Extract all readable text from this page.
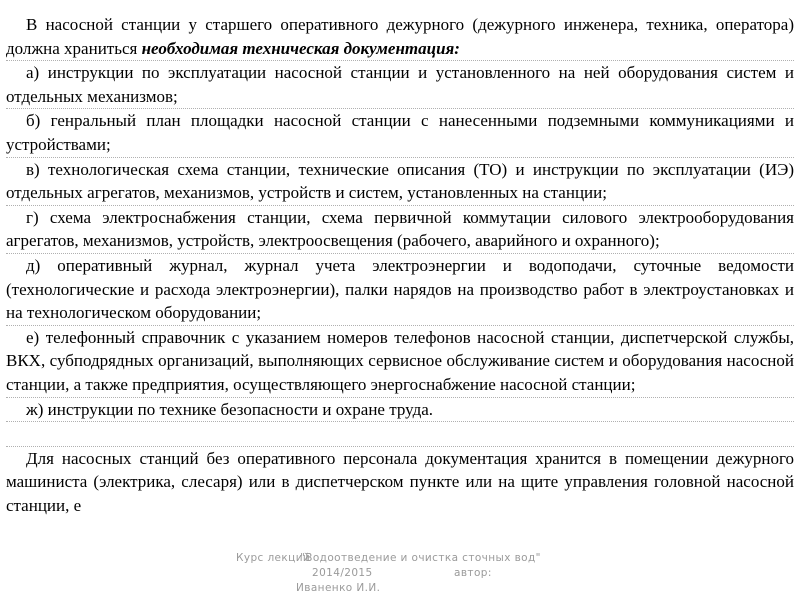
В насосной станции у старшего оперативного дежурного (дежурного инженера, техника, оператора) должна храниться необходимая техническая документация:

а) инструкции по эксплуатации насосной станции и установленного на ней оборудования систем и отдельных механизмов;

б) генральный план площадки насосной станции с нанесенными подземными коммуникациями и устройствами;

в) технологическая схема станции, технические описания (ТО) и инструкции по эксплуатации (ИЭ) отдельных агрегатов, механизмов, устройств и систем, установленных на станции;

г) схема электроснабжения станции, схема первичной коммутации силового электрооборудования агрегатов, механизмов, устройств, электроосвещения (рабочего, аварийного и охранного);

д) оперативный журнал, журнал учета электроэнергии и водоподачи, суточные ведомости (технологические и расхода электроэнергии), палки нарядов на производство работ в электроустановках и на технологическом оборудовании;

е) телефонный справочник с указанием номеров телефонов насосной станции, диспетчерской службы, ВКХ, субподрядных организаций, выполняющих сервисное обслуживание систем и оборудования насосной станции, а также предприятия, осуществляющего энергоснабжение насосной станции;

ж) инструкции по технике безопасности и охране труда.

Для насосных станций без оперативного персонала документация хранится в помещении дежурного машиниста (электрика, слесаря) или в диспетчерском пункте или на щите управления головной насосной станции, е

Курс лекций
"Водоотведение и очистка сточных вод"
2014/2015	автор:
Иваненко И.И.
